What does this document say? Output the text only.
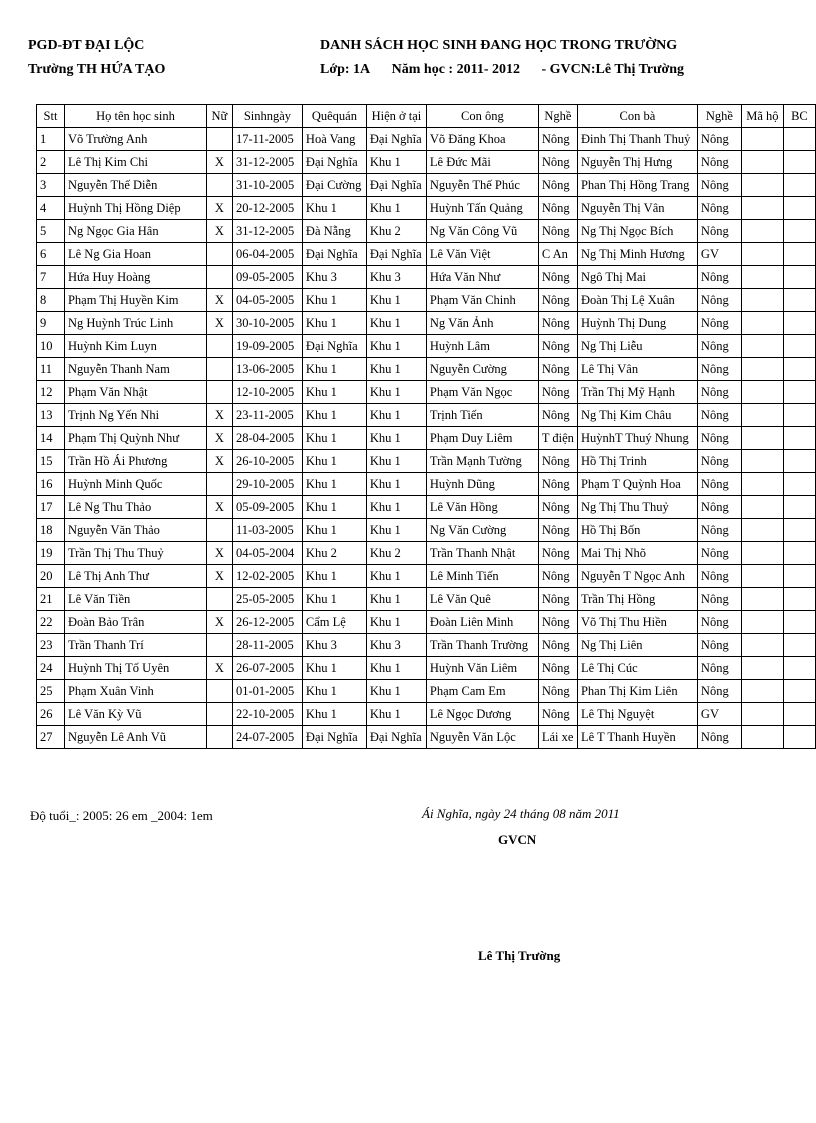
PGD-ĐT ĐẠI LỘC
Trường TH HỨA TẠO
DANH SÁCH HỌC SINH ĐANG HỌC TRONG TRƯỜNG
Lớp: 1A Năm học : 2011- 2012 - GVCN:Lê Thị Trường
Stt	Họ tên học sinh	Nữ	Sinhngày	Quêquán	Hiện ở tại	Con ông	Nghề	Con bà	Nghề	Mã hộ	BC
1	Võ Trường Anh		17-11-2005	Hoà Vang	Đại Nghĩa	Võ Đăng Khoa	Nông	Đinh Thị Thanh Thuỷ	Nông		
2	Lê Thị Kim Chi	X	31-12-2005	Đại Nghĩa	Khu 1	Lê Đức Mãi	Nông	Nguyễn Thị Hưng	Nông		
3	Nguyễn Thế Diễn		31-10-2005	Đại Cường	Đại Nghĩa	Nguyễn Thế Phúc	Nông	Phan Thị Hồng Trang	Nông		
4	Huỳnh Thị Hồng Diệp	X	20-12-2005	Khu 1	Khu 1	Huỳnh Tấn Quảng	Nông	Nguyễn Thị Vân	Nông		
5	Ng Ngọc Gia Hân	X	31-12-2005	Đà Nẵng	Khu 2	Ng Văn Công Vũ	Nông	Ng Thị Ngọc Bích	Nông		
6	Lê Ng Gia Hoan		06-04-2005	Đại Nghĩa	Đại Nghĩa	Lê Văn Việt	C An	Ng Thị Minh Hương	GV		
7	Hứa Huy Hoàng		09-05-2005	Khu 3	Khu 3	Hứa Văn Như	Nông	Ngô Thị Mai	Nông		
8	Phạm Thị Huyền Kim	X	04-05-2005	Khu 1	Khu 1	Phạm Văn Chinh	Nông	Đoàn Thị Lệ Xuân	Nông		
9	Ng Huỳnh Trúc Linh	X	30-10-2005	Khu 1	Khu 1	Ng Văn Ảnh	Nông	Huỳnh Thị Dung	Nông		
10	Huỳnh Kim Luyn		19-09-2005	Đại Nghĩa	Khu 1	Huỳnh Lâm	Nông	Ng Thị Liễu	Nông		
11	Nguyễn Thanh Nam		13-06-2005	Khu 1	Khu 1	Nguyễn Cường	Nông	Lê Thị Vân	Nông		
12	Phạm Văn Nhật		12-10-2005	Khu 1	Khu 1	Phạm Văn Ngọc	Nông	Trần Thị Mỹ Hạnh	Nông		
13	Trịnh Ng Yến Nhi	X	23-11-2005	Khu 1	Khu 1	Trịnh Tiến	Nông	Ng Thị Kim Châu	Nông		
14	Phạm Thị Quỳnh Như	X	28-04-2005	Khu 1	Khu 1	Phạm Duy Liêm	T điện	HuỳnhT Thuý Nhung	Nông		
15	Trần Hồ Ái Phương	X	26-10-2005	Khu 1	Khu 1	Trần Mạnh Tường	Nông	Hồ Thị Trinh	Nông		
16	Huỳnh Minh Quốc		29-10-2005	Khu 1	Khu 1	Huỳnh Dũng	Nông	Phạm T Quỳnh Hoa	Nông		
17	Lê Ng Thu Thảo	X	05-09-2005	Khu 1	Khu 1	Lê Văn Hồng	Nông	Ng Thị Thu Thuỷ	Nông		
18	Nguyễn Văn Thảo		11-03-2005	Khu 1	Khu 1	Ng Văn Cường	Nông	Hồ Thị Bốn	Nông		
19	Trần Thị Thu Thuỷ	X	04-05-2004	Khu 2	Khu 2	Trần Thanh Nhật	Nông	Mai Thị Nhõ	Nông		
20	Lê Thị Anh Thư	X	12-02-2005	Khu 1	Khu 1	Lê Minh Tiến	Nông	Nguyễn T Ngọc Anh	Nông		
21	Lê Văn Tiền		25-05-2005	Khu 1	Khu 1	Lê Văn Quê	Nông	Trần Thị Hồng	Nông		
22	Đoàn Bảo Trân	X	26-12-2005	Cẩm Lệ	Khu 1	Đoàn Liên Minh	Nông	Võ Thị Thu Hiền	Nông		
23	Trần Thanh Trí		28-11-2005	Khu 3	Khu 3	Trần Thanh Trường	Nông	Ng Thị Liên	Nông		
24	Huỳnh Thị Tố Uyên	X	26-07-2005	Khu 1	Khu 1	Huỳnh Văn Liêm	Nông	Lê Thị Cúc	Nông		
25	Phạm Xuân Vinh		01-01-2005	Khu 1	Khu 1	Phạm Cam Em	Nông	Phan Thị Kim Liên	Nông		
26	Lê Văn Kỳ Vũ		22-10-2005	Khu 1	Khu 1	Lê Ngọc Dương	Nông	Lê Thị Nguyệt	GV		
27	Nguyễn Lê Anh Vũ		24-07-2005	Đại Nghĩa	Đại Nghĩa	Nguyễn Văn Lộc	Lái xe	Lê T Thanh Huyền	Nông		
Độ tuổi_: 2005: 26 em _2004: 1em	Ái Nghĩa, ngày 24 tháng 08 năm 2011
GVCN
Lê Thị Trường
